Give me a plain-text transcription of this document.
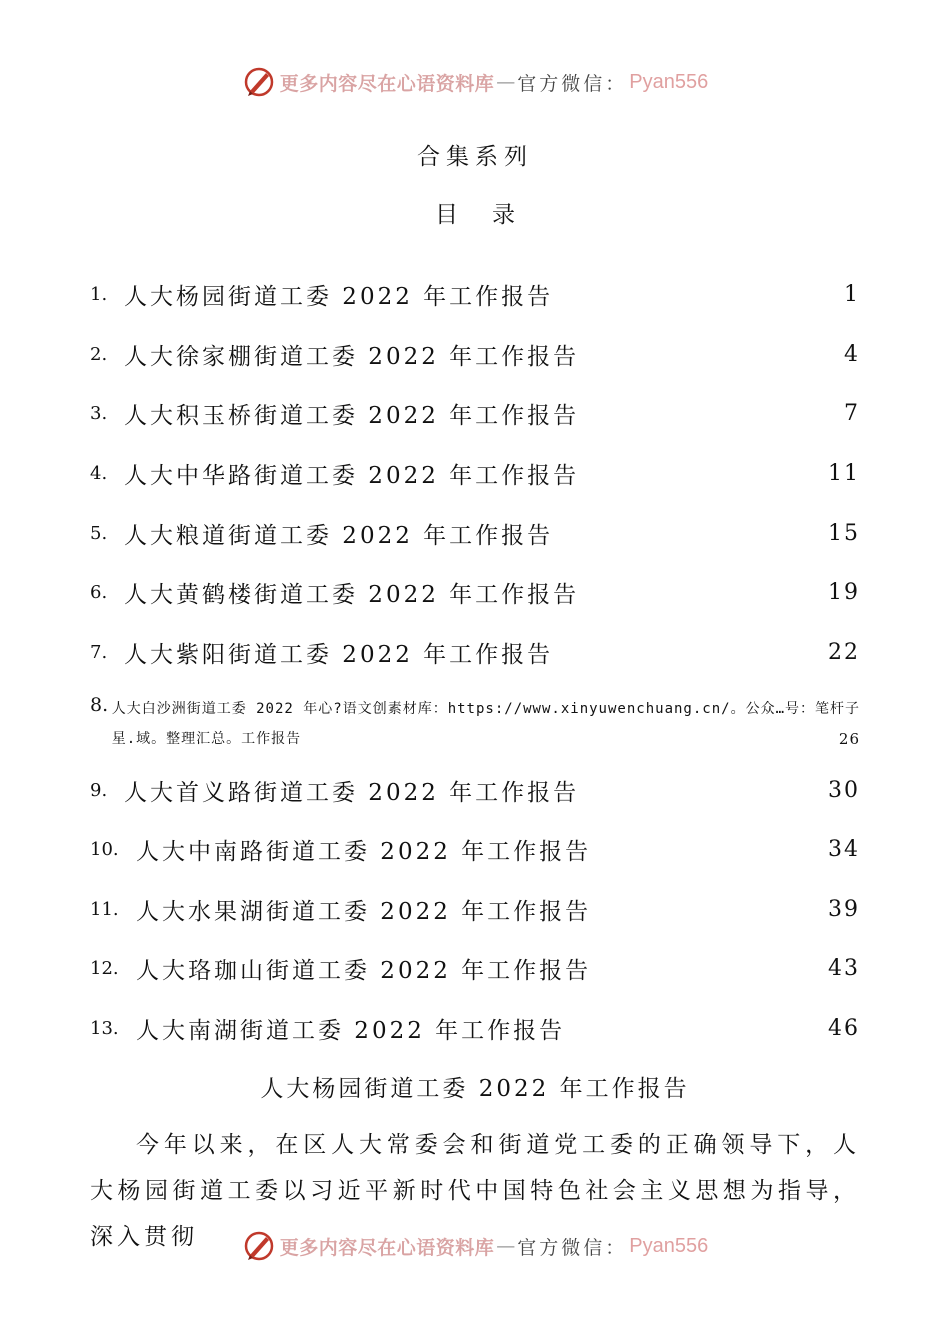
更多内容尽在心语资料库 — 官方微信： Pyan556
合集系列
目录
1. 人大杨园街道工委 2022 年工作报告	1
2. 人大徐家棚街道工委 2022 年工作报告	4
3. 人大积玉桥街道工委 2022 年工作报告	7
4. 人大中华路街道工委 2022 年工作报告	11
5. 人大粮道街道工委 2022 年工作报告	15
6. 人大黄鹤楼街道工委 2022 年工作报告	19
7. 人大紫阳街道工委 2022 年工作报告	22
8. 人大白沙洲街道工委 2022 年心?语文创素材库：https://www.xinyuwenchuang.cn/。公众…号：笔杆子
星.域。整理汇总。工作报告	26
9. 人大首义路街道工委 2022 年工作报告	30
10. 人大中南路街道工委 2022 年工作报告	34
11. 人大水果湖街道工委 2022 年工作报告	39
12. 人大珞珈山街道工委 2022 年工作报告	43
13. 人大南湖街道工委 2022 年工作报告	46
人大杨园街道工委 2022 年工作报告
今年以来，在区人大常委会和街道党工委的正确领导下，人大杨园街道工委以习近平新时代中国特色社会主义思想为指导，深入贯彻	更多内容尽在心语资料库 — 官方微信： Pyan556
